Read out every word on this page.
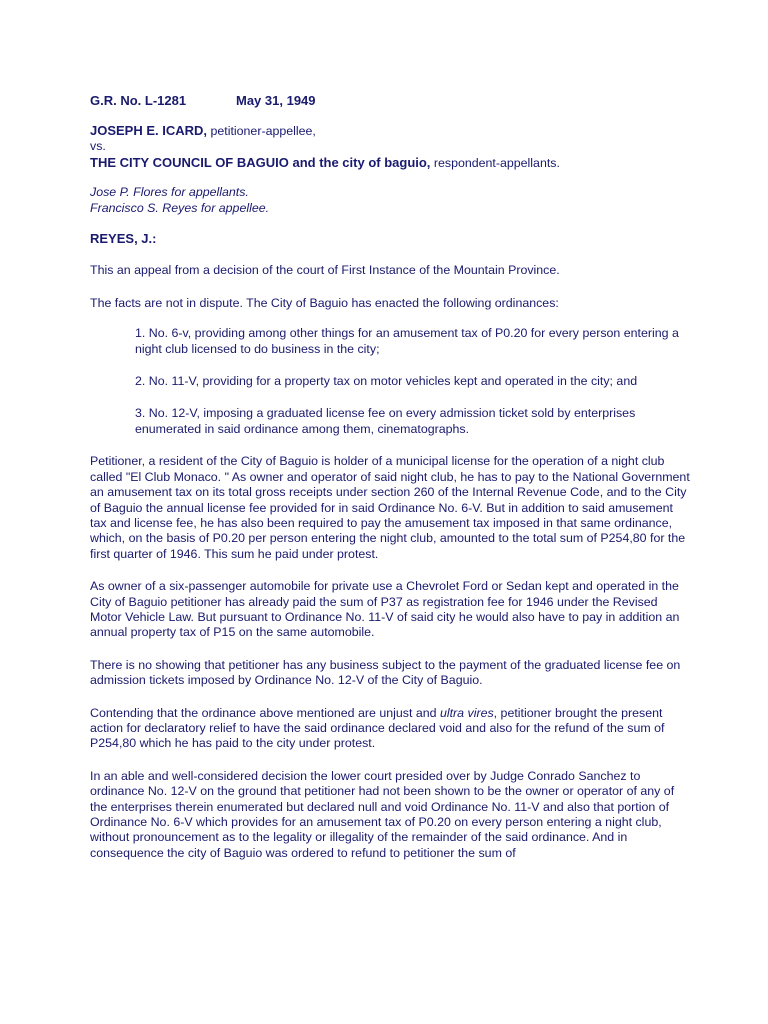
G.R. No. L-1281	May 31, 1949
JOSEPH E. ICARD, petitioner-appellee,
vs.
THE CITY COUNCIL OF BAGUIO and the city of baguio, respondent-appellants.
Jose P. Flores for appellants.
Francisco S. Reyes for appellee.
REYES, J.:
This an appeal from a decision of the court of First Instance of the Mountain Province.
The facts are not in dispute. The City of Baguio has enacted the following ordinances:
1. No. 6-v, providing among other things for an amusement tax of P0.20 for every person entering a night club licensed to do business in the city;
2. No. 11-V, providing for a property tax on motor vehicles kept and operated in the city; and
3. No. 12-V, imposing a graduated license fee on every admission ticket sold by enterprises enumerated in said ordinance among them, cinematographs.
Petitioner, a resident of the City of Baguio is holder of a municipal license for the operation of a night club called "El Club Monaco. " As owner and operator of said night club, he has to pay to the National Government an amusement tax on its total gross receipts under section 260 of the Internal Revenue Code, and to the City of Baguio the annual license fee provided for in said Ordinance No. 6-V. But in addition to said amusement tax and license fee, he has also been required to pay the amusement tax imposed in that same ordinance, which, on the basis of P0.20 per person entering the night club, amounted to the total sum of P254,80 for the first quarter of 1946. This sum he paid under protest.
As owner of a six-passenger automobile for private use a Chevrolet Ford or Sedan kept and operated in the City of Baguio petitioner has already paid the sum of P37 as registration fee for 1946 under the Revised Motor Vehicle Law. But pursuant to Ordinance No. 11-V of said city he would also have to pay in addition an annual property tax of P15 on the same automobile.
There is no showing that petitioner has any business subject to the payment of the graduated license fee on admission tickets imposed by Ordinance No. 12-V of the City of Baguio.
Contending that the ordinance above mentioned are unjust and ultra vires, petitioner brought the present action for declaratory relief to have the said ordinance declared void and also for the refund of the sum of P254,80 which he has paid to the city under protest.
In an able and well-considered decision the lower court presided over by Judge Conrado Sanchez to ordinance No. 12-V on the ground that petitioner had not been shown to be the owner or operator of any of the enterprises therein enumerated but declared null and void Ordinance No. 11-V and also that portion of Ordinance No. 6-V which provides for an amusement tax of P0.20 on every person entering a night club, without pronouncement as to the legality or illegality of the remainder of the said ordinance. And in consequence the city of Baguio was ordered to refund to petitioner the sum of
